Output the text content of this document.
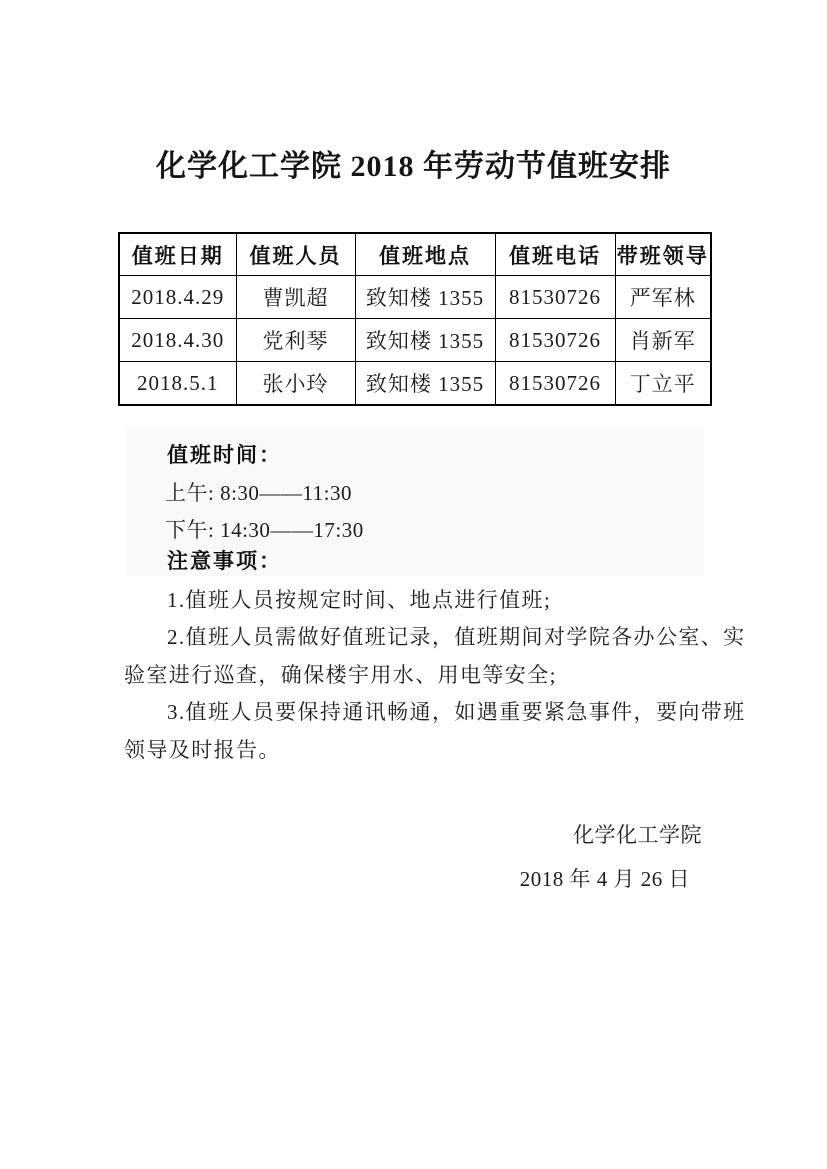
化学化工学院 2018 年劳动节值班安排
值班日期	值班人员	值班地点	值班电话	带班领导
2018.4.29	曹凯超	致知楼 1355	81530726	严军林
2018.4.30	党利琴	致知楼 1355	81530726	肖新军
2018.5.1	张小玲	致知楼 1355	81530726	丁立平
值班时间：
上午: 8:30——11:30
下午: 14:30——17:30
注意事项：
1.值班人员按规定时间、地点进行值班;
2.值班人员需做好值班记录，值班期间对学院各办公室、实
验室进行巡查，确保楼宇用水、用电等安全;
3.值班人员要保持通讯畅通，如遇重要紧急事件，要向带班
领导及时报告。
化学化工学院
2018 年 4 月 26 日
